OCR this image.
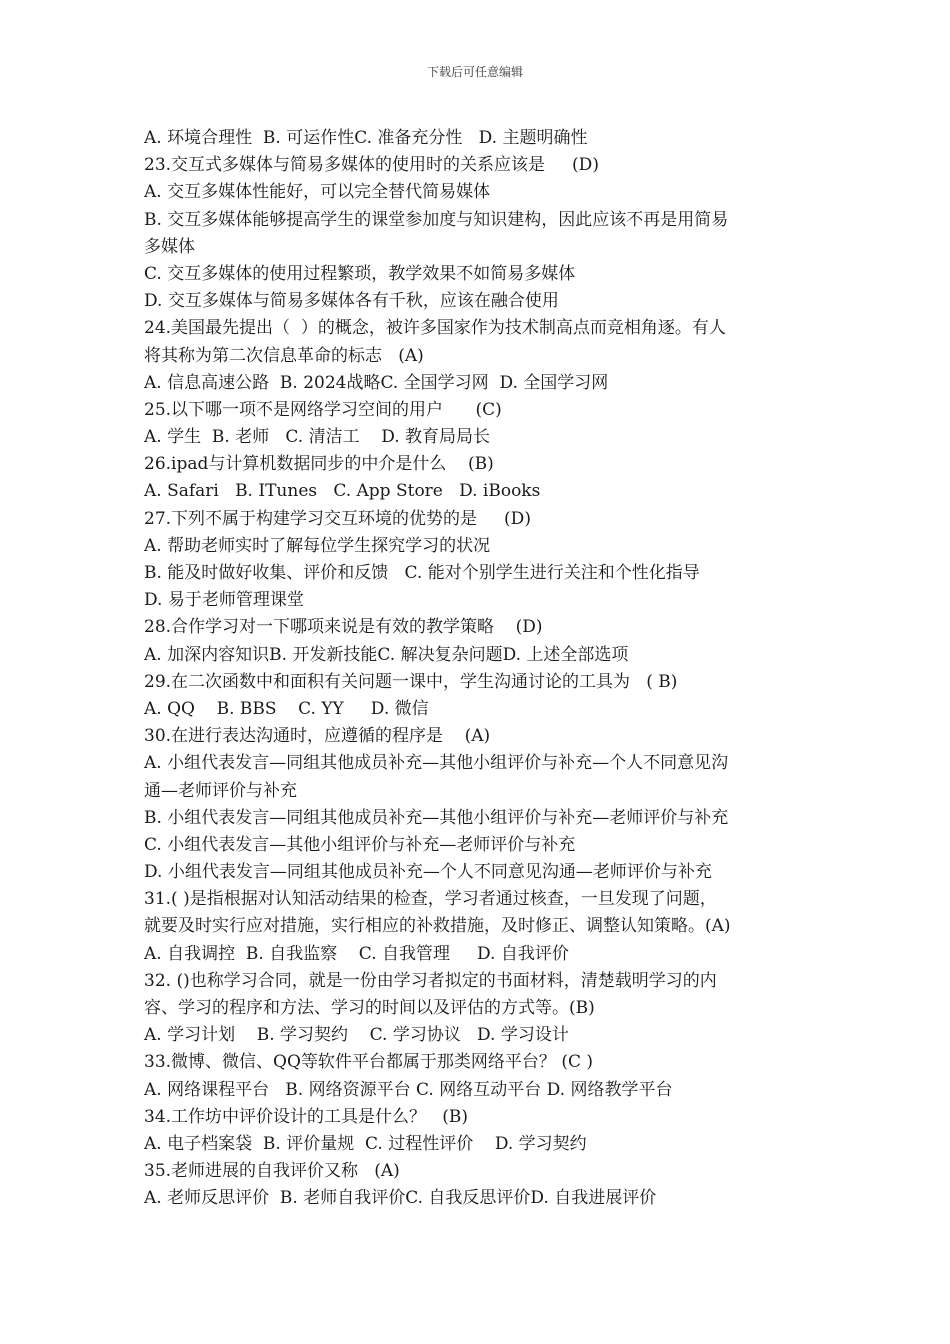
下载后可任意编辑
A. 环境合理性  B. 可运作性C. 准备充分性   D. 主题明确性
23.交互式多媒体与简易多媒体的使用时的关系应该是     (D)
A. 交互多媒体性能好，可以完全替代简易媒体
B. 交互多媒体能够提高学生的课堂参加度与知识建构，因此应该不再是用简易
多媒体
C. 交互多媒体的使用过程繁琐，教学效果不如简易多媒体
D. 交互多媒体与简易多媒体各有千秋，应该在融合使用
24.美国最先提出（  ）的概念，被许多国家作为技术制高点而竞相角逐。有人
将其称为第二次信息革命的标志   (A)
A. 信息高速公路  B. 2024战略C. 全国学习网  D. 全国学习网
25.以下哪一项不是网络学习空间的用户      (C)
A. 学生  B. 老师   C. 清洁工    D. 教育局局长
26.ipad与计算机数据同步的中介是什么    (B)
A. Safari   B. ITunes   C. App Store   D. iBooks
27.下列不属于构建学习交互环境的优势的是     (D)
A. 帮助老师实时了解每位学生探究学习的状况
B. 能及时做好收集、评价和反馈   C. 能对个别学生进行关注和个性化指导
D. 易于老师管理课堂
28.合作学习对一下哪项来说是有效的教学策略    (D)
A. 加深内容知识B. 开发新技能C. 解决复杂问题D. 上述全部选项
29.在二次函数中和面积有关问题一课中，学生沟通讨论的工具为   ( B)
A. QQ    B. BBS    C. YY     D. 微信
30.在进行表达沟通时，应遵循的程序是    (A)
A. 小组代表发言—同组其他成员补充—其他小组评价与补充—个人不同意见沟
通—老师评价与补充
B. 小组代表发言—同组其他成员补充—其他小组评价与补充—老师评价与补充
C. 小组代表发言—其他小组评价与补充—老师评价与补充
D. 小组代表发言—同组其他成员补充—个人不同意见沟通—老师评价与补充
31.( )是指根据对认知活动结果的检查，学习者通过核查，一旦发现了问题，
就要及时实行应对措施，实行相应的补救措施，及时修正、调整认知策略。(A)
A. 自我调控  B. 自我监察    C. 自我管理     D. 自我评价
32. ()也称学习合同，就是一份由学习者拟定的书面材料，清楚载明学习的内
容、学习的程序和方法、学习的时间以及评估的方式等。(B)
A. 学习计划    B. 学习契约    C. 学习协议   D. 学习设计
33.微博、微信、QQ等软件平台都属于那类网络平台？ (C )
A. 网络课程平台   B. 网络资源平台 C. 网络互动平台 D. 网络教学平台
34.工作坊中评价设计的工具是什么？   (B)
A. 电子档案袋  B. 评价量规  C. 过程性评价    D. 学习契约
35.老师进展的自我评价又称   (A)
A. 老师反思评价  B. 老师自我评价C. 自我反思评价D. 自我进展评价
